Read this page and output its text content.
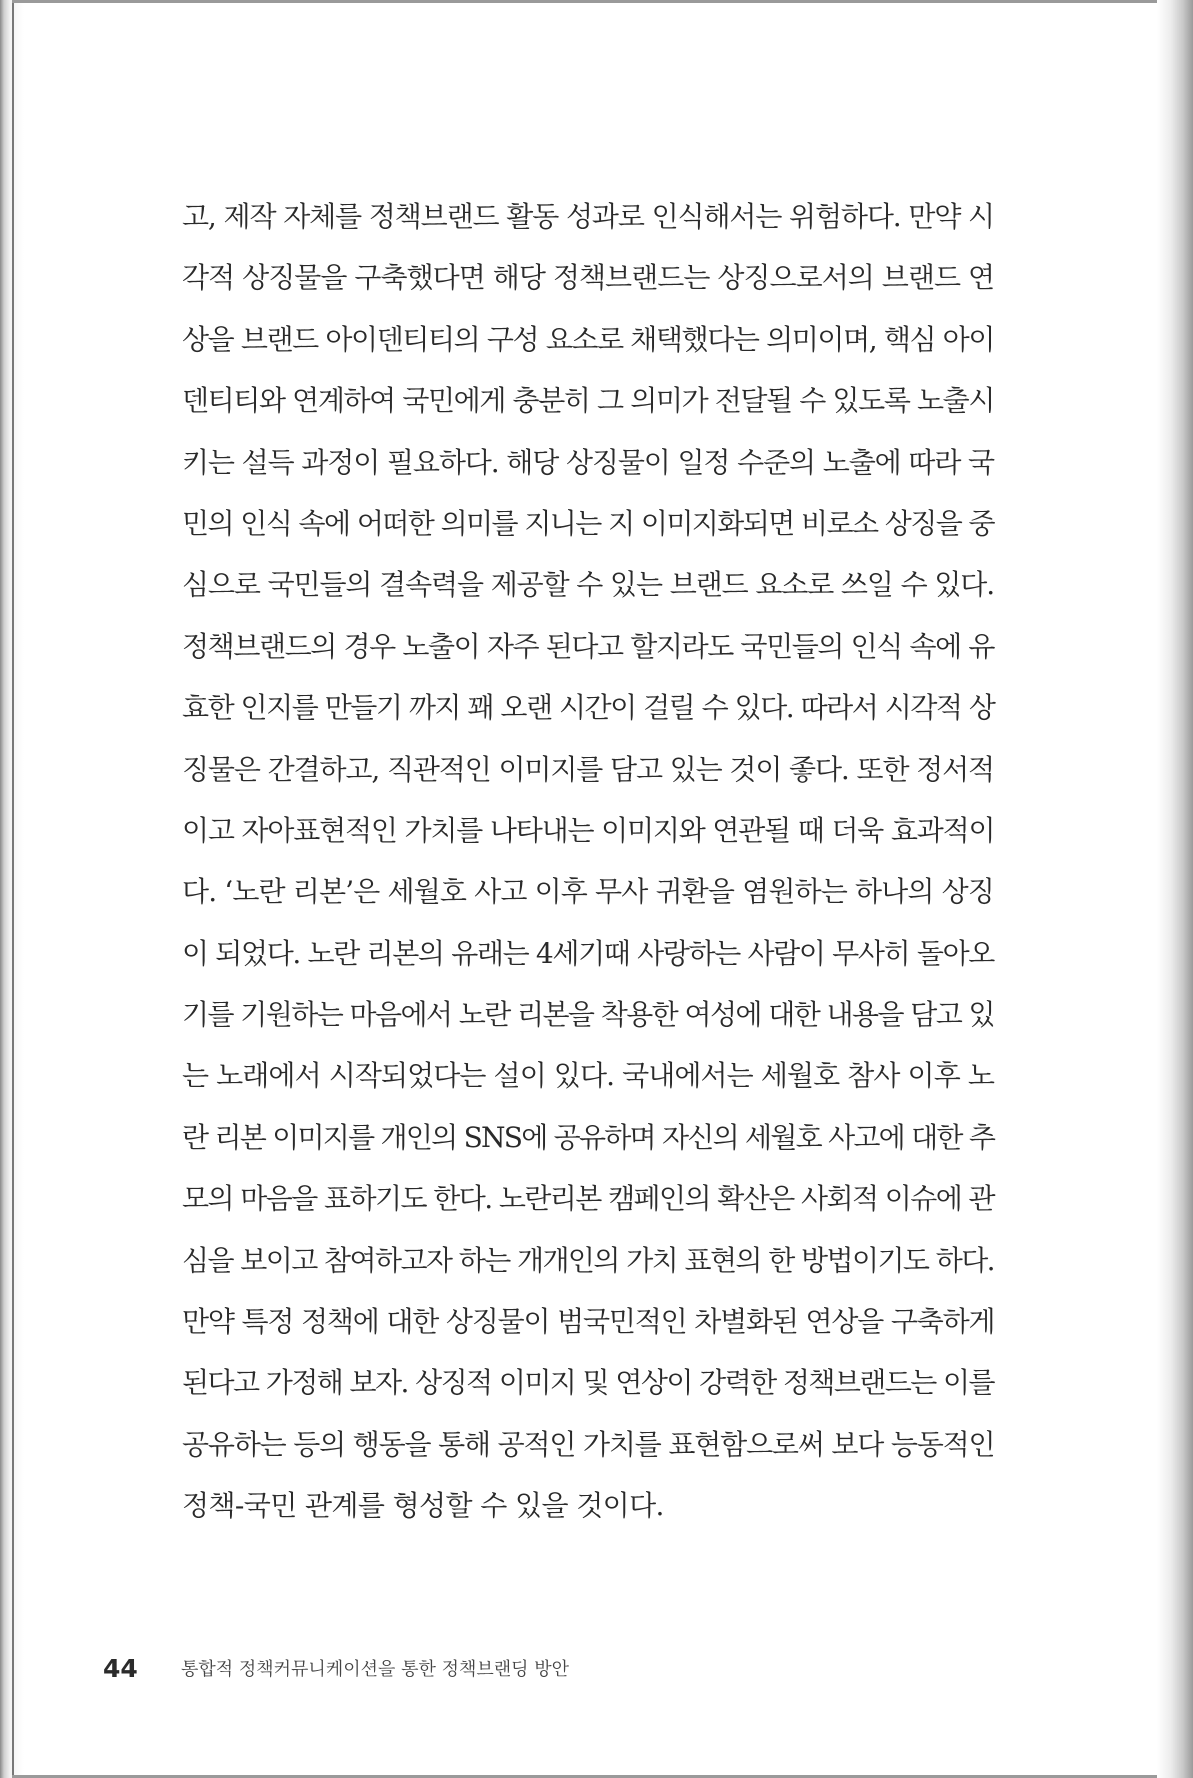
고, 제작 자체를 정책브랜드 활동 성과로 인식해서는 위험하다. 만약 시
각적 상징물을 구축했다면 해당 정책브랜드는 상징으로서의 브랜드 연
상을 브랜드 아이덴티티의 구성 요소로 채택했다는 의미이며, 핵심 아이
덴티티와 연계하여 국민에게 충분히 그 의미가 전달될 수 있도록 노출시
키는 설득 과정이 필요하다. 해당 상징물이 일정 수준의 노출에 따라 국
민의 인식 속에 어떠한 의미를 지니는 지 이미지화되면 비로소 상징을 중
심으로 국민들의 결속력을 제공할 수 있는 브랜드 요소로 쓰일 수 있다.
정책브랜드의 경우 노출이 자주 된다고 할지라도 국민들의 인식 속에 유
효한 인지를 만들기 까지 꽤 오랜 시간이 걸릴 수 있다. 따라서 시각적 상
징물은 간결하고, 직관적인 이미지를 담고 있는 것이 좋다. 또한 정서적
이고 자아표현적인 가치를 나타내는 이미지와 연관될 때 더욱 효과적이
다. ‘노란 리본’은 세월호 사고 이후 무사 귀환을 염원하는 하나의 상징
이 되었다. 노란 리본의 유래는 4세기때 사랑하는 사람이 무사히 돌아오
기를 기원하는 마음에서 노란 리본을 착용한 여성에 대한 내용을 담고 있
는 노래에서 시작되었다는 설이 있다. 국내에서는 세월호 참사 이후 노
란 리본 이미지를 개인의 SNS에 공유하며 자신의 세월호 사고에 대한 추
모의 마음을 표하기도 한다. 노란리본 캠페인의 확산은 사회적 이슈에 관
심을 보이고 참여하고자 하는 개개인의 가치 표현의 한 방법이기도 하다.
만약 특정 정책에 대한 상징물이 범국민적인 차별화된 연상을 구축하게
된다고 가정해 보자. 상징적 이미지 및 연상이 강력한 정책브랜드는 이를
공유하는 등의 행동을 통해 공적인 가치를 표현함으로써 보다 능동적인
정책-국민 관계를 형성할 수 있을 것이다.
44	통합적 정책커뮤니케이션을 통한 정책브랜딩 방안
